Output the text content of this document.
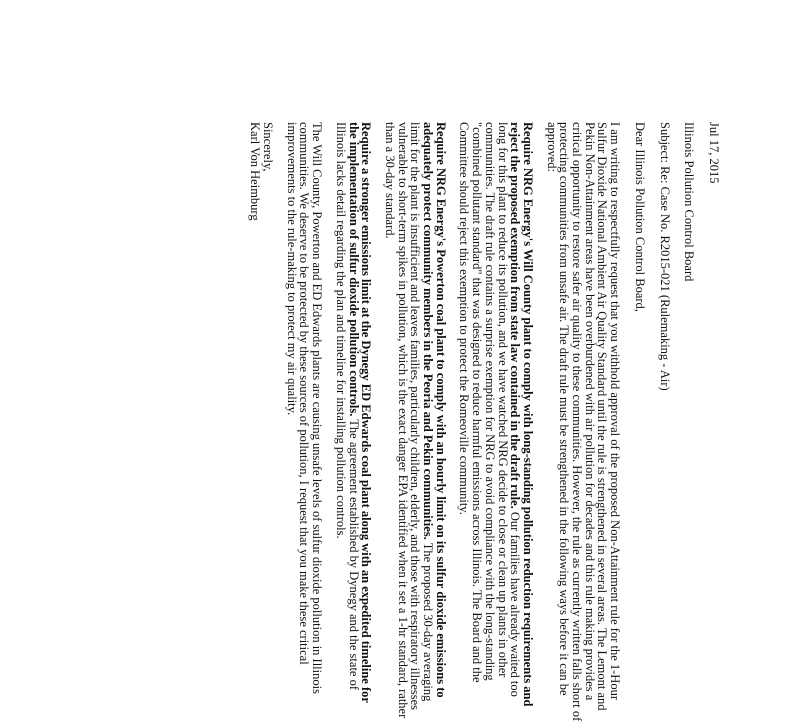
Jul 17, 2015

Illinois Pollution Control Board

Subject: Re: Case No. R2015-021 (Rulemaking - Air)

Dear Illinois Pollution Control Board,

I am writing to respectfully request that you withhold approval of the proposed Non-Attainment rule for the 1-Hour Sulfur Dioxide National Ambient Air Quality Standard until the rule is strengthened in several areas. The Lemont and Pekin Non-Attainment areas have been overburdened with air pollution for decades and this rule making provides a critical opportunity to restore safer air quality to these communities. However, the rule as currently written falls short of protecting communities from unsafe air. The draft rule must be strengthened in the following ways before it can be approved:

Require NRG Energy's Will County plant to comply with long-standing pollution reduction requirements and reject the proposed exemption from state law contained in the draft rule. Our families have already waited too long for this plant to reduce its pollution, and we have watched NRG decide to close or clean up plants in other communities. The draft rule contains a surprise exemption for NRG to avoid compliance with the long-standing "combined pollutant standard" that was designed to reduce harmful emissions across Illinois. The Board and the Committee should reject this exemption to protect the Romeoville community.

Require NRG Energy's Powerton coal plant to comply with an hourly limit on its sulfur dioxide emissions to adequately protect community members in the Peoria and Pekin communities. The proposed 30-day averaging limit for the plant is insufficient and leaves families, particularly children, elderly, and those with respiratory illnesses vulnerable to short-term spikes in pollution, which is the exact danger EPA identified when it set a 1-hr standard, rather than a 30-day standard.

Require a stronger emissions limit at the Dynegy ED Edwards coal plant along with an expedited timeline for the implementation of sulfur dioxide pollution controls. The agreement established by Dynegy and the state of Illinois lacks detail regarding the plan and timeline for installing pollution controls.

The Will County, Powerton and ED Edwards plants are causing unsafe levels of sulfur dioxide pollution in Illinois communities. We deserve to be protected by these sources of pollution, I request that you make these critical improvements to the rule-making to protect my air quality.

Sincerely,

Karl Von Heimburg
